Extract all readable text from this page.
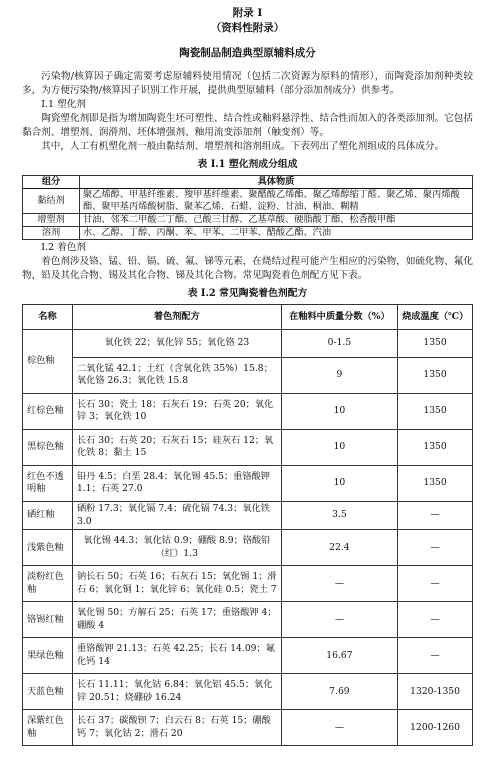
附录 I
（资料性附录）
陶瓷制品制造典型原辅料成分

污染物/核算因子确定需要考虑原辅料使用情况（包括二次资源为原料的情形），而陶瓷添加剂种类较多，为方便污染物/核算因子识别工作开展，提供典型原辅料（部分添加剂成分）供参考。

I.1 塑化剂

陶瓷塑化剂即是指为增加陶瓷生坯可塑性、结合性或釉料悬浮性、结合性而加入的各类添加剂。它包括黏合剂、增塑剂、润滑剂、坯体增强剂、釉用流变添加剂（触变剂）等。

其中，人工有机塑化剂一般由黏结剂、增塑剂和溶剂组成。下表列出了塑化剂组成的具体成分。

表 I.1 塑化剂成分组成
组分	具体物质
黏结剂	聚乙烯醇、甲基纤维素、羧甲基纤维素、聚醋酸乙烯酯、聚乙烯醇缩丁醛、聚乙烯、聚丙烯酸酯、聚甲基丙烯酸树脂、聚苯乙烯、石蜡、淀粉、甘油、桐油、糊精
增塑剂	甘油、邻苯二甲酸二丁酯、己酸三甘醇、乙基草酸、硬脂酸丁酯、松香酸甲酯
溶剂	水、乙醇、丁醇、丙酮、苯、甲苯、二甲苯、醋酸乙酯、汽油

I.2 着色剂

着色剂涉及铬、锰、铅、镉、硫、氟、锑等元素，在烧结过程可能产生相应的污染物，如硫化物、氟化物，铅及其化合物、锡及其化合物、锑及其化合物。常见陶瓷着色剂配方见下表。

表 I.2 常见陶瓷着色剂配方
名称	着色剂配方	在釉料中质量分数（%）	烧成温度（℃）
棕色釉	氧化铁 22；氧化锌 55；氧化铬 23	0-1.5	1350
	二氧化锰 42.1；土红（含氧化铁 35%）15.8；氧化铬 26.3；氧化铁 15.8	9	1350
红棕色釉	长石 30；瓷土 18；石灰石 19；石英 20；氧化锌 3；氧化铁 10	10	1350
黑棕色釉	长石 30；石英 20；石灰石 15；硅灰石 12；氧化铁 8；黏土 15	10	1350
红色不透明釉	铅丹 4.5；白垩 28.4；氧化锡 45.5；重铬酸钾 1.1；石英 27.0	10	1350
硒红釉	硒粉 17.3；氧化镉 7.4；硫化镉 74.3；氧化铁 3.0	3.5	—
浅紫色釉	氧化锡 44.3；氧化钴 0.9；硼酸 8.9；铬酸铅（红）1.3	22.4	—
淡粉红色釉	钠长石 50；石英 16；石灰石 15；氧化锡 1；滑石 6；氧化铜 1；氧化锌 6；氧化硅 0.5；瓷土 7	—	—
铬锡红釉	氧化锡 50；方解石 25；石英 17；重铬酸钾 4；硼酸 4	—	—
果绿色釉	重铬酸钾 21.13；石英 42.25；长石 14.09；氟化钙 14	16.67	—
天蓝色釉	长石 11.11；氧化钴 6.84；氧化铝 45.5；氧化锌 20.51；烧硼砂 16.24	7.69	1320-1350
深紫红色釉	长石 37；碳酸钡 7；白云石 8；石英 15；硼酸钙 7；氧化钴 2；滑石 20	—	1200-1260
